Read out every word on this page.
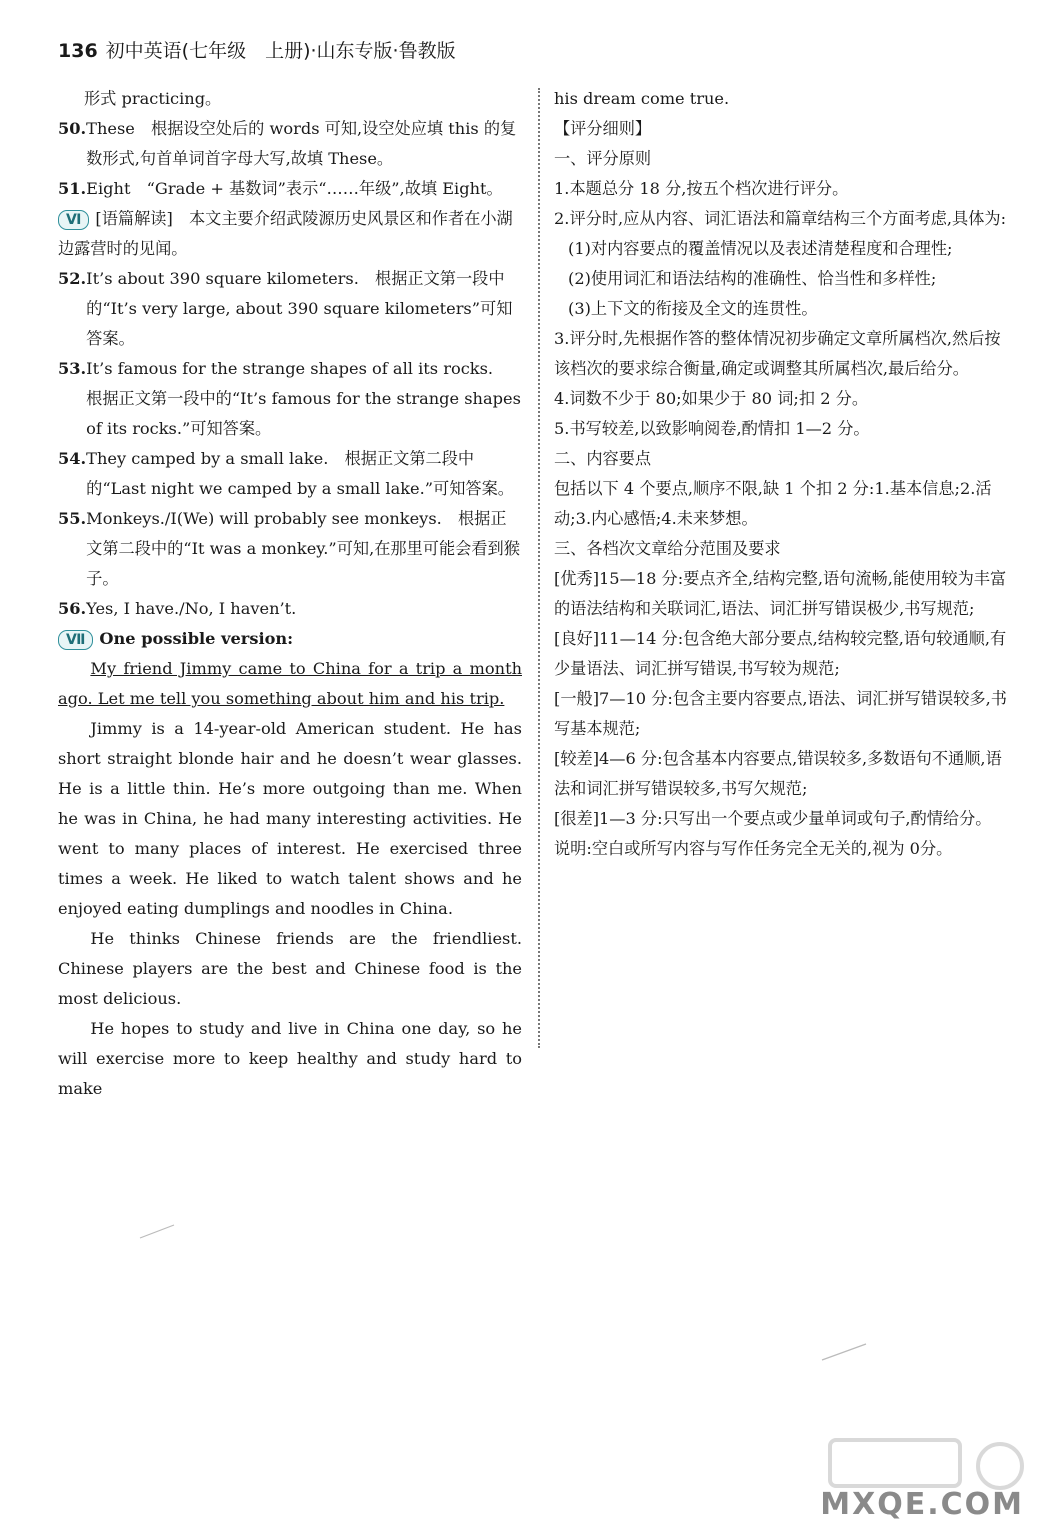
136 初中英语(七年级　上册)·山东专版·鲁教版
形式 practicing。
50. These　根据设空处后的 words 可知,设空处应填 this 的复数形式,句首单词首字母大写,故填 These。
51. Eight　“Grade + 基数词”表示“……年级”,故填 Eight。
Ⅵ [语篇解读]　本文主要介绍武陵源历史风景区和作者在小湖边露营时的见闻。
52. It’s about 390 square kilometers.　根据正文第一段中的“It’s very large, about 390 square kilometers”可知答案。
53. It’s famous for the strange shapes of all its rocks.　根据正文第一段中的“It’s famous for the strange shapes of its rocks.”可知答案。
54. They camped by a small lake.　根据正文第二段中的“Last night we camped by a small lake.”可知答案。
55. Monkeys./I(We) will probably see monkeys.　根据正文第二段中的“It was a monkey.”可知,在那里可能会看到猴子。
56. Yes, I have./No, I haven’t.
Ⅶ One possible version:
My friend Jimmy came to China for a trip a month ago. Let me tell you something about him and his trip.
Jimmy is a 14-year-old American student. He has short straight blonde hair and he doesn’t wear glasses. He is a little thin. He’s more outgoing than me. When he was in China, he had many interesting activities. He went to many places of interest. He exercised three times a week. He liked to watch talent shows and he enjoyed eating dumplings and noodles in China.
He thinks Chinese friends are the friendliest. Chinese players are the best and Chinese food is the most delicious.
He hopes to study and live in China one day, so he will exercise more to keep healthy and study hard to make
his dream come true.
【评分细则】
一、评分原则
1.本题总分 18 分,按五个档次进行评分。
2.评分时,应从内容、词汇语法和篇章结构三个方面考虑,具体为:
(1)对内容要点的覆盖情况以及表述清楚程度和合理性;
(2)使用词汇和语法结构的准确性、恰当性和多样性;
(3)上下文的衔接及全文的连贯性。
3.评分时,先根据作答的整体情况初步确定文章所属档次,然后按该档次的要求综合衡量,确定或调整其所属档次,最后给分。
4.词数不少于 80;如果少于 80 词;扣 2 分。
5.书写较差,以致影响阅卷,酌情扣 1—2 分。
二、内容要点
包括以下 4 个要点,顺序不限,缺 1 个扣 2 分:1.基本信息;2.活动;3.内心感悟;4.未来梦想。
三、各档次文章给分范围及要求
[优秀]15—18 分:要点齐全,结构完整,语句流畅,能使用较为丰富的语法结构和关联词汇,语法、词汇拼写错误极少,书写规范;
[良好]11—14 分:包含绝大部分要点,结构较完整,语句较通顺,有少量语法、词汇拼写错误,书写较为规范;
[一般]7—10 分:包含主要内容要点,语法、词汇拼写错误较多,书写基本规范;
[较差]4—6 分:包含基本内容要点,错误较多,多数语句不通顺,语法和词汇拼写错误较多,书写欠规范;
[很差]1—3 分:只写出一个要点或少量单词或句子,酌情给分。
说明:空白或所写内容与写作任务完全无关的,视为 0分。
MXQE.COM
